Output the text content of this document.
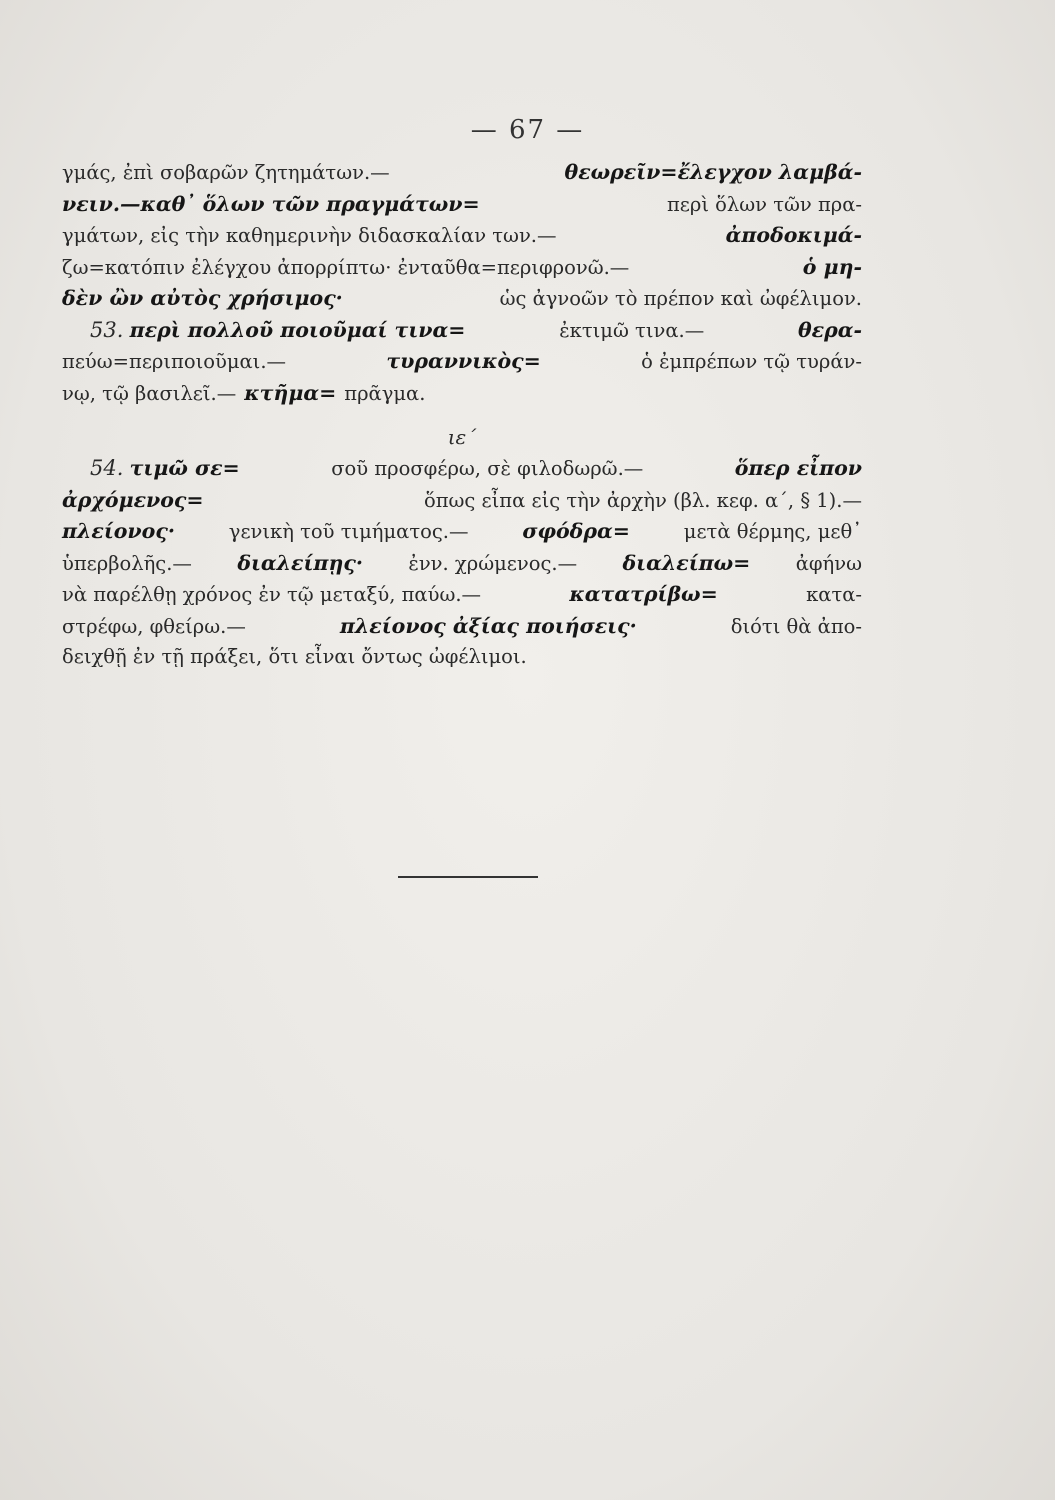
— 67 —
γμάς, ἐπὶ σοβαρῶν ζητημάτων.—	θεωρεῖν=ἔλεγχον λαμβά-
νειν.—καθ᾽ ὅλων τῶν πραγμάτων=	περὶ ὅλων τῶν πρα-
γμάτων, εἰς τὴν καθημερινὴν διδασκαλίαν των.—	ἀποδοκιμά-
ζω=κατόπιν ἐλέγχου ἀπορρίπτω· ἐνταῦθα=περιφρονῶ.—	ὁ μη-
δὲν ὢν αὐτὸς χρήσιμος·	ὡς ἀγνοῶν τὸ πρέπον καὶ ὠφέλιμον.
53. περὶ πολλοῦ ποιοῦμαί τινα=	ἐκτιμῶ τινα.—	θερα-
πεύω=περιποιοῦμαι.—	τυραννικὸς=	ὁ ἐμπρέπων τῷ τυράν-
νῳ, τῷ βασιλεῖ.— κτῆμα= πρᾶγμα.
ιε´
54. τιμῶ σε=	σοῦ προσφέρω, σὲ φιλοδωρῶ.—	ὅπερ εἶπον
ἀρχόμενος=	ὅπως εἶπα εἰς τὴν ἀρχὴν (βλ. κεφ. α´, § 1).—
πλείονος·	γενικὴ τοῦ τιμήματος.—	σφόδρα=	μετὰ θέρμης, μεθ᾽
ὑπερβολῆς.— διαλείπῃς· ἐνν. χρώμενος.— διαλείπω= ἀφήνω
νὰ παρέλθῃ χρόνος ἐν τῷ μεταξύ, παύω.—	κατατρίβω=	κατα-
στρέφω, φθείρω.—	πλείονος ἀξίας ποιήσεις·	διότι θὰ ἀπο-
δειχθῇ ἐν τῇ πράξει, ὅτι εἶναι ὄντως ὠφέλιμοι.
